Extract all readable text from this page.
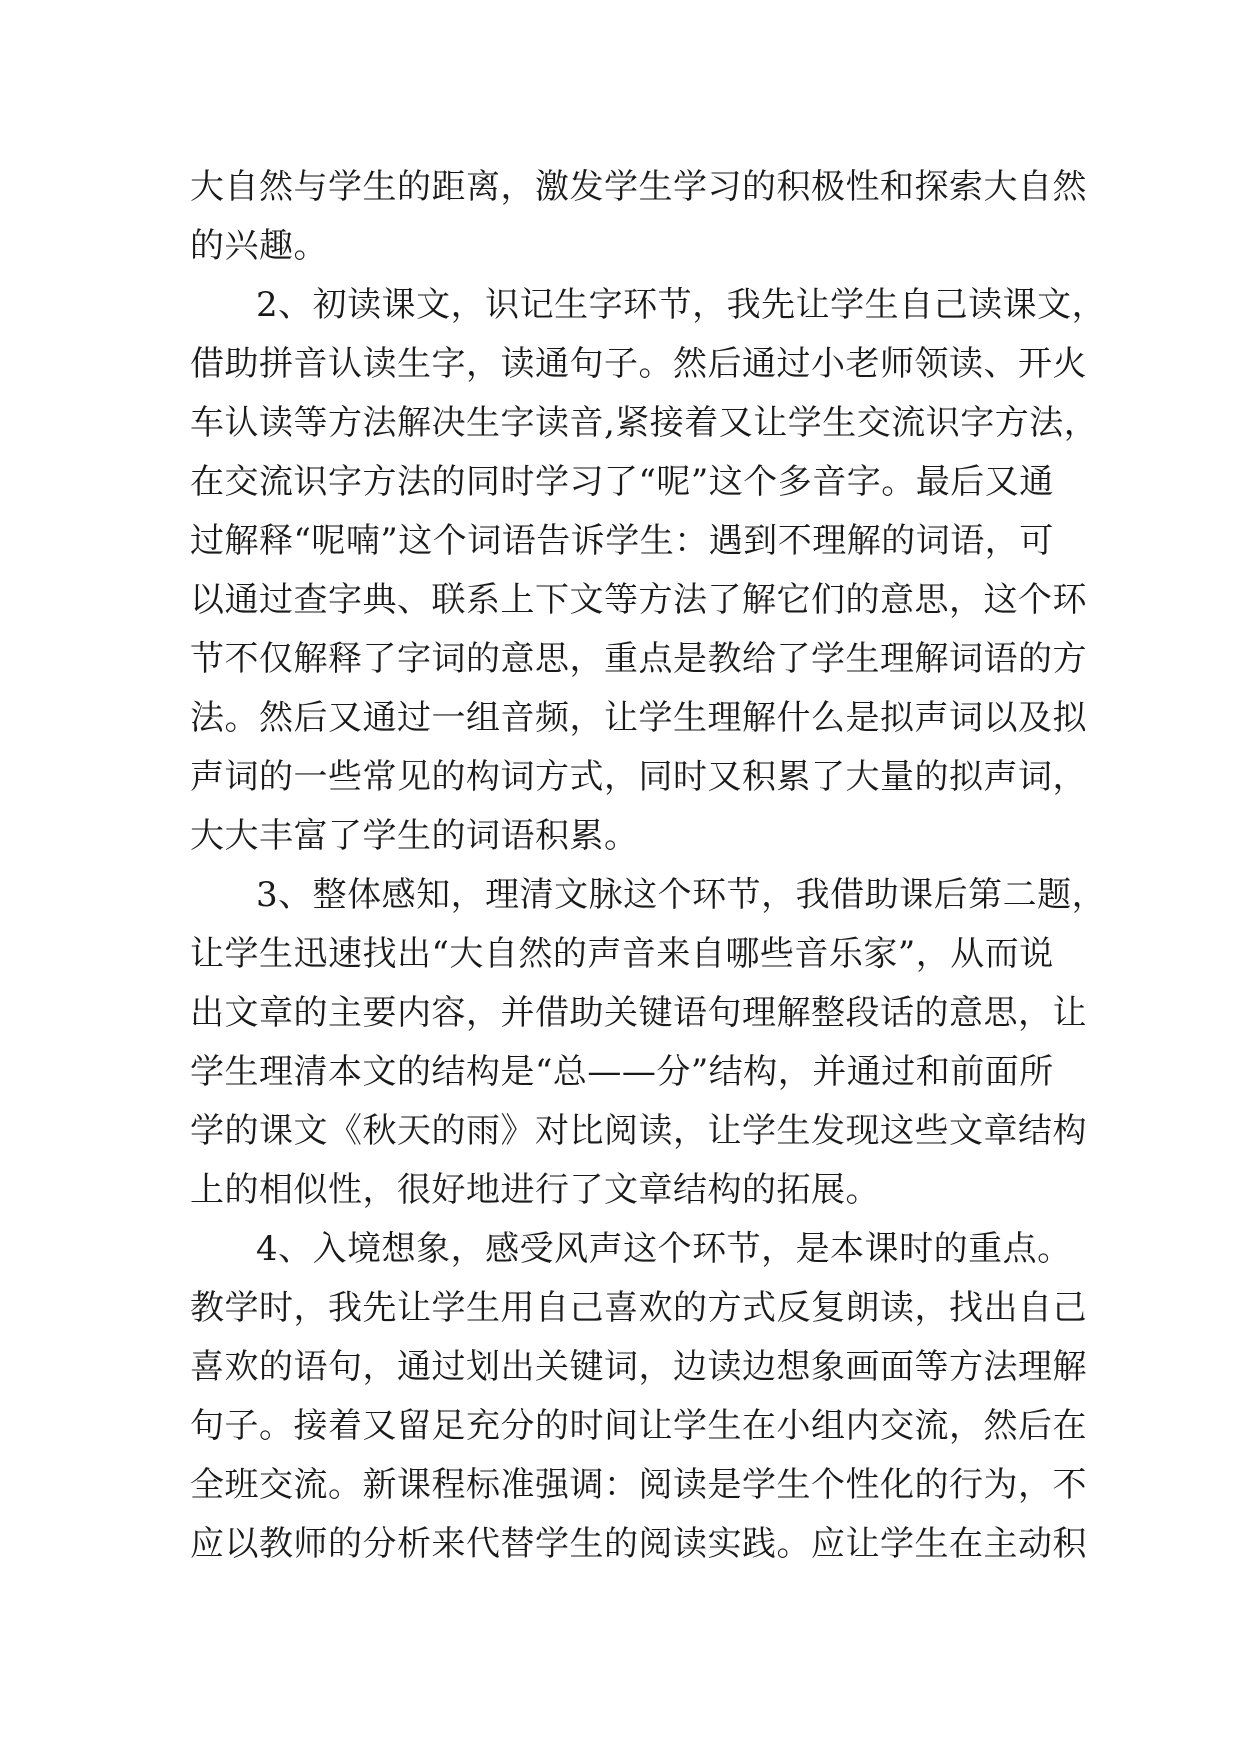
大自然与学生的距离，激发学生学习的积极性和探索大自然
的兴趣。
2、初读课文，识记生字环节，我先让学生自己读课文，
借助拼音认读生字，读通句子。然后通过小老师领读、开火
车认读等方法解决生字读音,紧接着又让学生交流识字方法，
在交流识字方法的同时学习了“呢”这个多音字。最后又通
过解释“呢喃”这个词语告诉学生：遇到不理解的词语，可
以通过查字典、联系上下文等方法了解它们的意思，这个环
节不仅解释了字词的意思，重点是教给了学生理解词语的方
法。然后又通过一组音频，让学生理解什么是拟声词以及拟
声词的一些常见的构词方式，同时又积累了大量的拟声词，
大大丰富了学生的词语积累。
3、整体感知，理清文脉这个环节，我借助课后第二题，
让学生迅速找出“大自然的声音来自哪些音乐家”，从而说
出文章的主要内容，并借助关键语句理解整段话的意思，让
学生理清本文的结构是“总——分”结构，并通过和前面所
学的课文《秋天的雨》对比阅读，让学生发现这些文章结构
上的相似性，很好地进行了文章结构的拓展。
4、入境想象，感受风声这个环节，是本课时的重点。
教学时，我先让学生用自己喜欢的方式反复朗读，找出自己
喜欢的语句，通过划出关键词，边读边想象画面等方法理解
句子。接着又留足充分的时间让学生在小组内交流，然后在
全班交流。新课程标准强调：阅读是学生个性化的行为，不
应以教师的分析来代替学生的阅读实践。应让学生在主动积
